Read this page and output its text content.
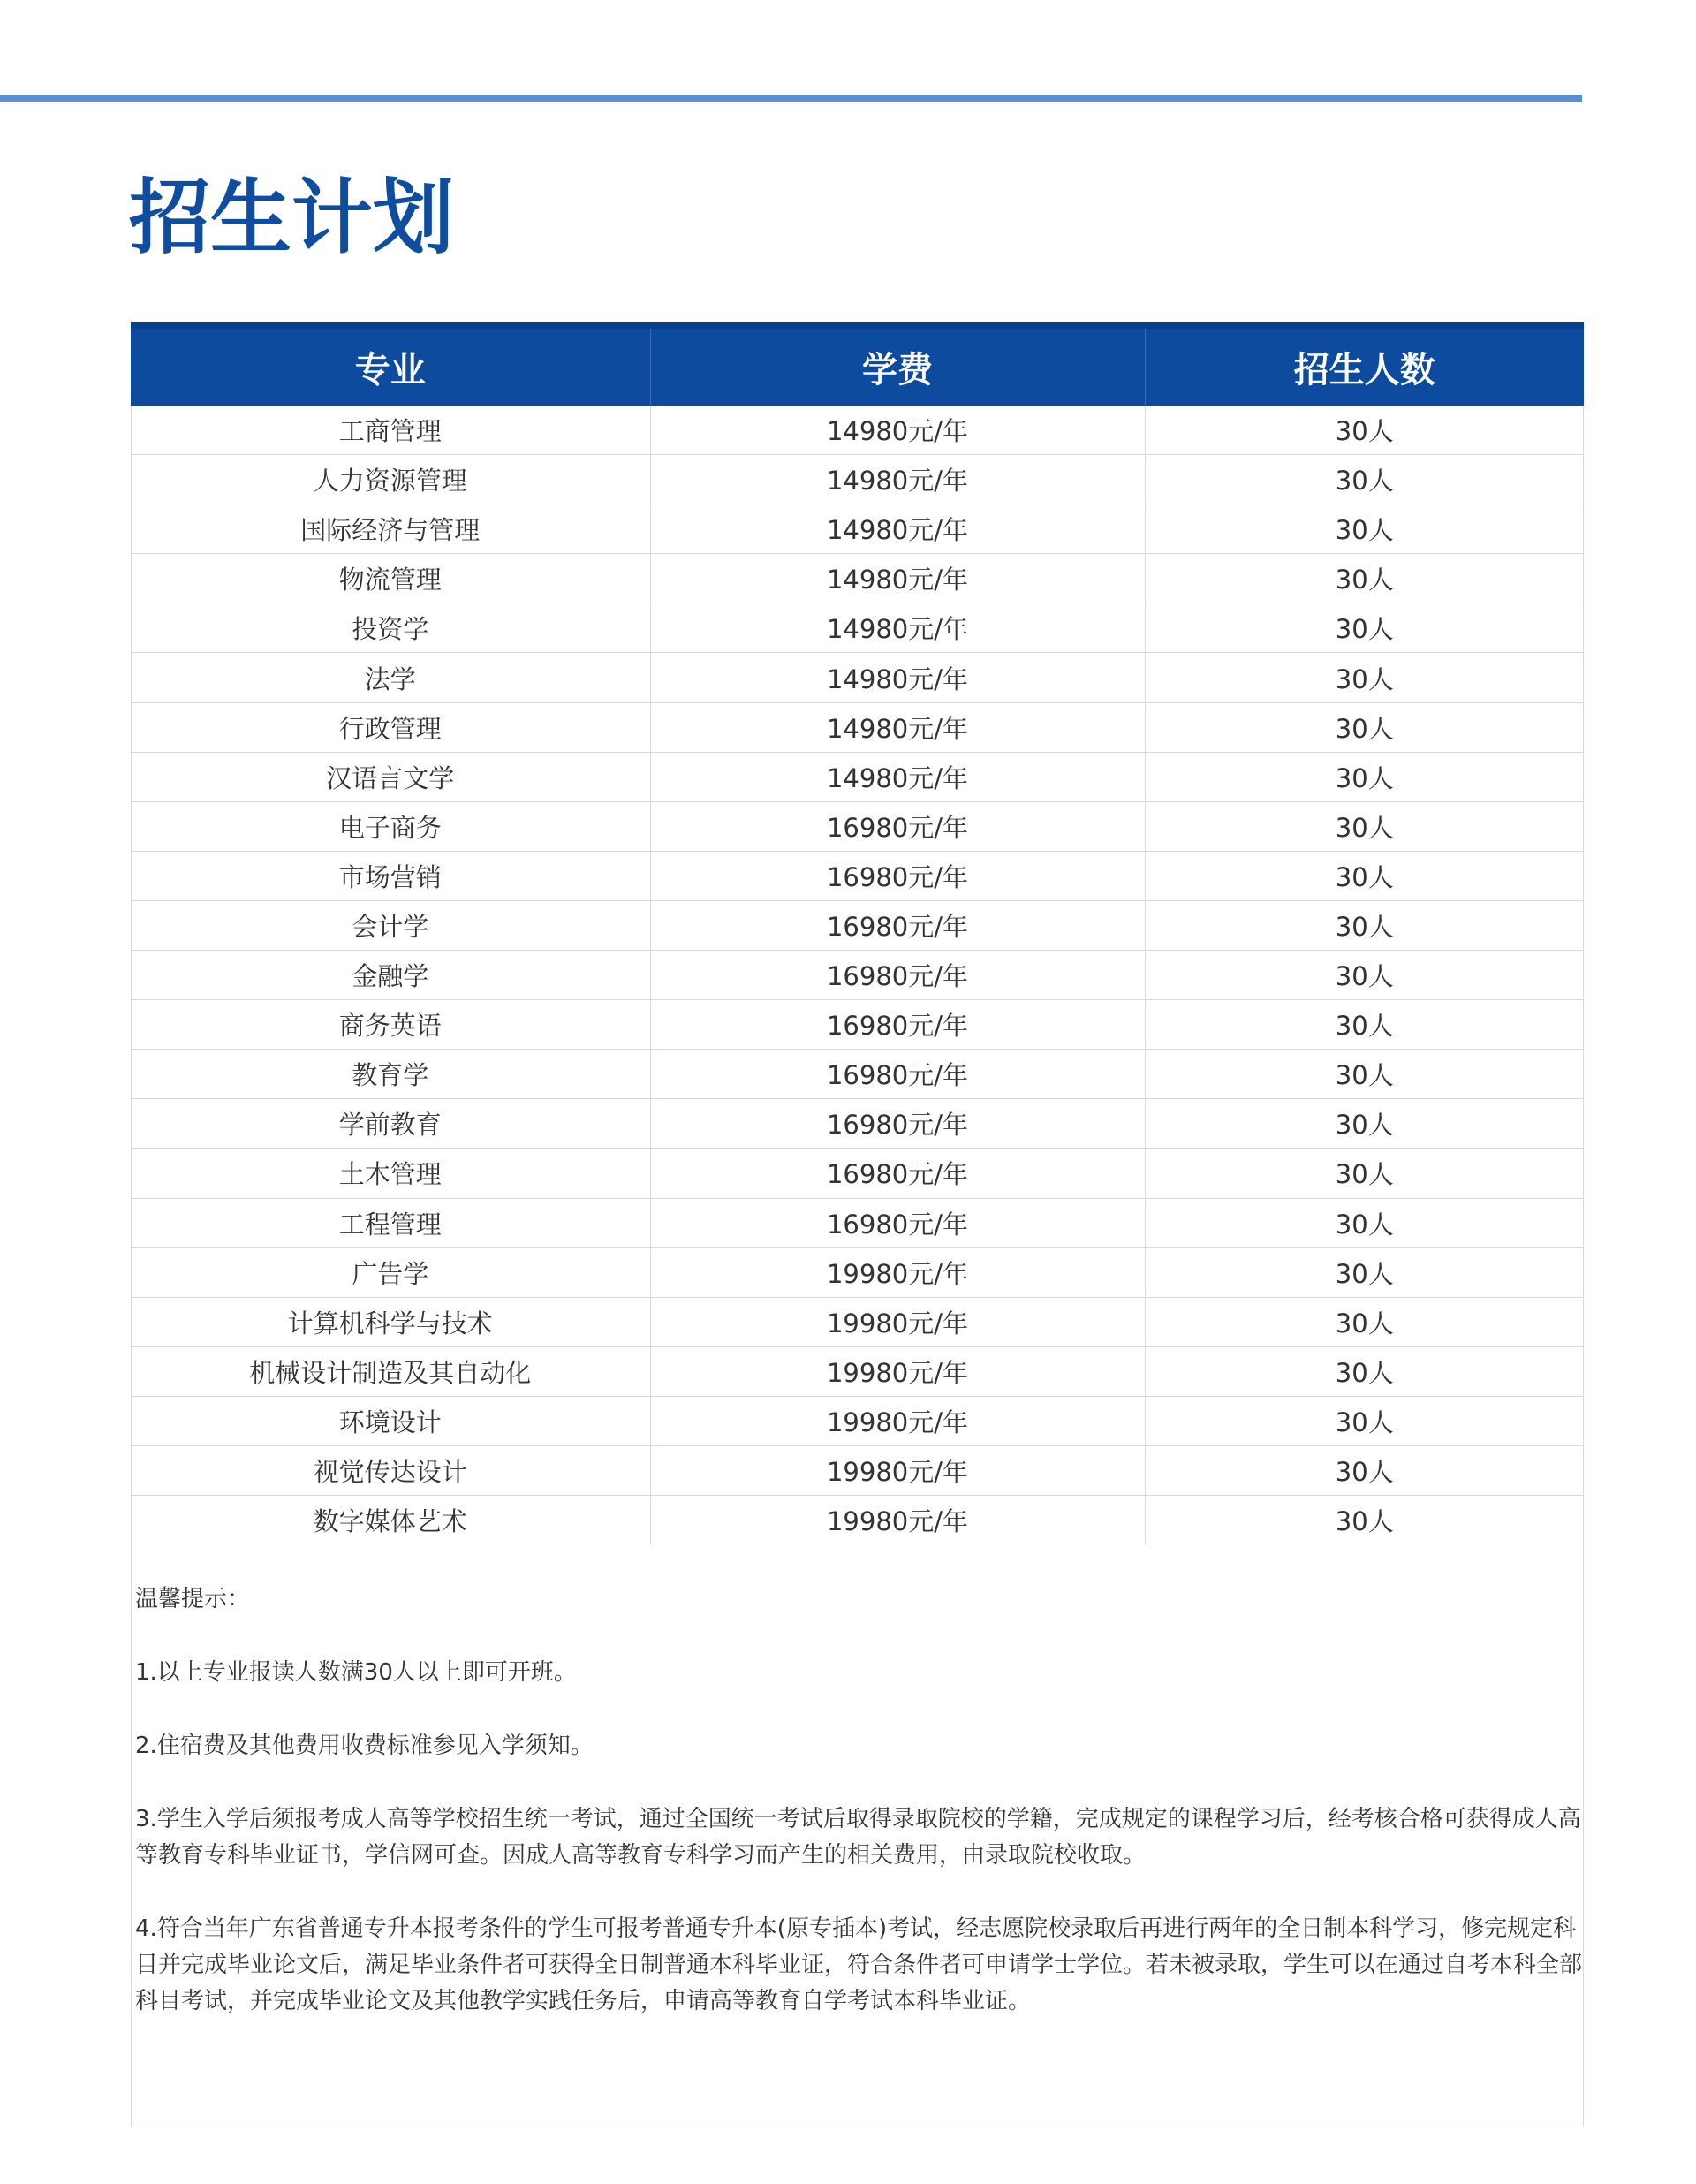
招生计划
专业	学费	招生人数
工商管理	14980元/年	30人
人力资源管理	14980元/年	30人
国际经济与管理	14980元/年	30人
物流管理	14980元/年	30人
投资学	14980元/年	30人
法学	14980元/年	30人
行政管理	14980元/年	30人
汉语言文学	14980元/年	30人
电子商务	16980元/年	30人
市场营销	16980元/年	30人
会计学	16980元/年	30人
金融学	16980元/年	30人
商务英语	16980元/年	30人
教育学	16980元/年	30人
学前教育	16980元/年	30人
土木管理	16980元/年	30人
工程管理	16980元/年	30人
广告学	19980元/年	30人
计算机科学与技术	19980元/年	30人
机械设计制造及其自动化	19980元/年	30人
环境设计	19980元/年	30人
视觉传达设计	19980元/年	30人
数字媒体艺术	19980元/年	30人

温馨提示：

1.以上专业报读人数满30人以上即可开班。

2.住宿费及其他费用收费标准参见入学须知。

3.学生入学后须报考成人高等学校招生统一考试，通过全国统一考试后取得录取院校的学籍，完成规定的课程学习后，经考核合格可获得成人高等教育专科毕业证书，学信网可查。因成人高等教育专科学习而产生的相关费用，由录取院校收取。

4.符合当年广东省普通专升本报考条件的学生可报考普通专升本(原专插本)考试，经志愿院校录取后再进行两年的全日制本科学习，修完规定科目并完成毕业论文后，满足毕业条件者可获得全日制普通本科毕业证，符合条件者可申请学士学位。若未被录取，学生可以在通过自考本科全部科目考试，并完成毕业论文及其他教学实践任务后，申请高等教育自学考试本科毕业证。
